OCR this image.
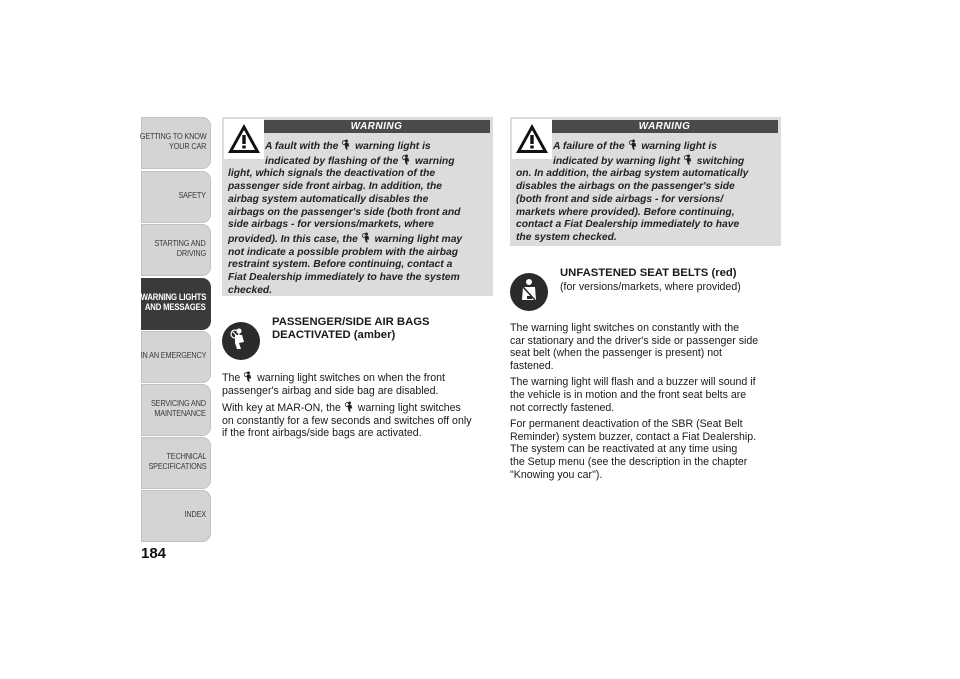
GETTING TO KNOW
YOUR CAR
SAFETY
STARTING AND
DRIVING
WARNING LIGHTS
AND MESSAGES
IN AN EMERGENCY
SERVICING AND
MAINTENANCE
TECHNICAL
SPECIFICATIONS
INDEX
184
WARNING
A fault with the  warning light is
indicated by flashing of the  warning
light, which signals the deactivation of the
passenger side front airbag. In addition, the
airbag system automatically disables the
airbags on the passenger's side (both front and
side airbags - for versions/markets, where
provided). In this case, the  warning light may
not indicate a possible problem with the airbag
restraint system. Before continuing, contact a
Fiat Dealership immediately to have the system
checked.
PASSENGER/SIDE AIR BAGS
DEACTIVATED (amber)
The  warning light switches on when the front
passenger's airbag and side bag are disabled.
With key at MAR-ON, the  warning light switches
on constantly for a few seconds and switches off only
if the front airbags/side bags are activated.
WARNING
A failure of the  warning light is
indicated by warning light  switching
on. In addition, the airbag system automatically
disables the airbags on the passenger's side
(both front and side airbags - for versions/
markets where provided). Before continuing,
contact a Fiat Dealership immediately to have
the system checked.
UNFASTENED SEAT BELTS (red)
(for versions/markets, where provided)
The warning light switches on constantly with the
car stationary and the driver's side or passenger side
seat belt (when the passenger is present) not
fastened.
The warning light will flash and a buzzer will sound if
the vehicle is in motion and the front seat belts are
not correctly fastened.
For permanent deactivation of the SBR (Seat Belt
Reminder) system buzzer, contact a Fiat Dealership.
The system can be reactivated at any time using
the Setup menu (see the description in the chapter
"Knowing you car").
